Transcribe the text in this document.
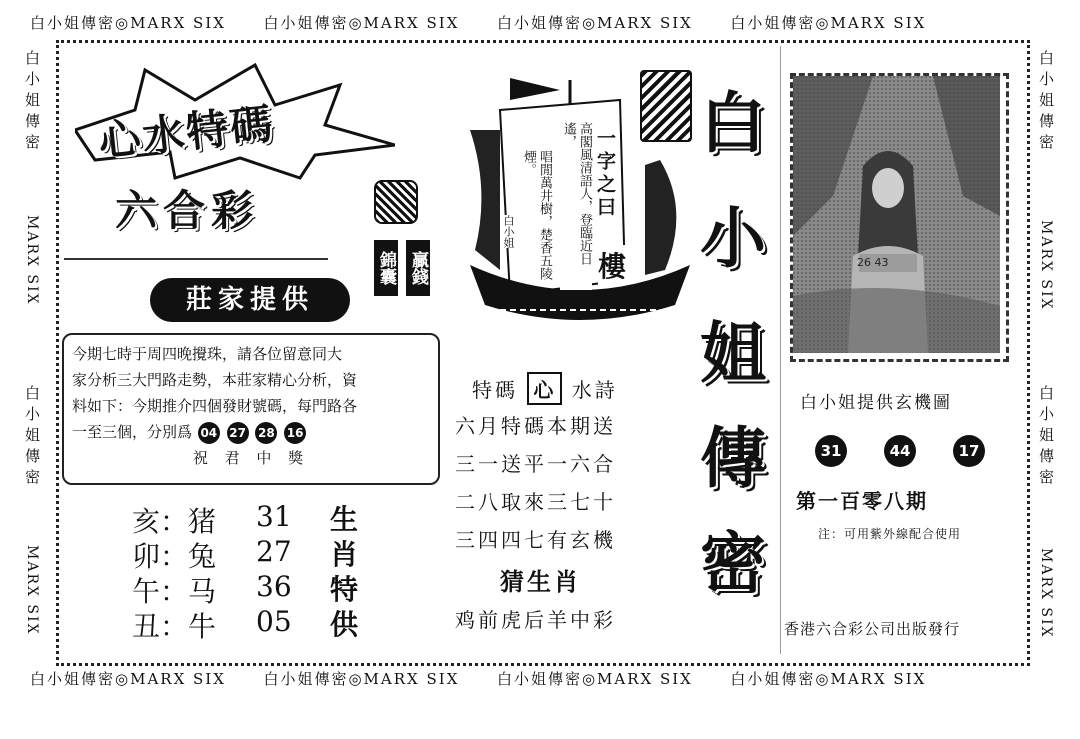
白小姐傳密◎MARX SIX	白小姐傳密◎MARX SIX	白小姐傳密◎MARX SIX	白小姐傳密◎MARX SIX
白小姐傳密◎MARX SIX	白小姐傳密◎MARX SIX	白小姐傳密◎MARX SIX	白小姐傳密◎MARX SIX
白小姐傳密
MARX SIX
白小姐傳密
MARX SIX
白小姐傳密
MARX SIX
白小姐傳密
MARX SIX
心水特碼
六合彩
錦囊 贏錢
莊家提供

今期七時于周四晚攪珠，請各位留意同大

家分析三大門路走勢，本莊家精心分析，資

料如下：今期推介四個發財號碼，每門路各

一至三個，分別爲 04 27 28 16

祝 君 中 獎

亥：猪 31 生
卯：兔 27 肖
午：马 36 特
丑：牛 05 供
一字之曰
樓
高閣風清語人，登臨近日遙，
唱閒萬井樹，楚香五陵煙。
白小姐
特碼 心 水詩
六月特碼本期送
三一送平一六合
二八取來三七十
三四四七有玄機
猜生肖
鸡前虎后羊中彩
白
小
姐
傳
密
26 43
白小姐提供玄機圖
31	44	17
第一百零八期
注：可用紫外線配合使用
香港六合彩公司出版發行
